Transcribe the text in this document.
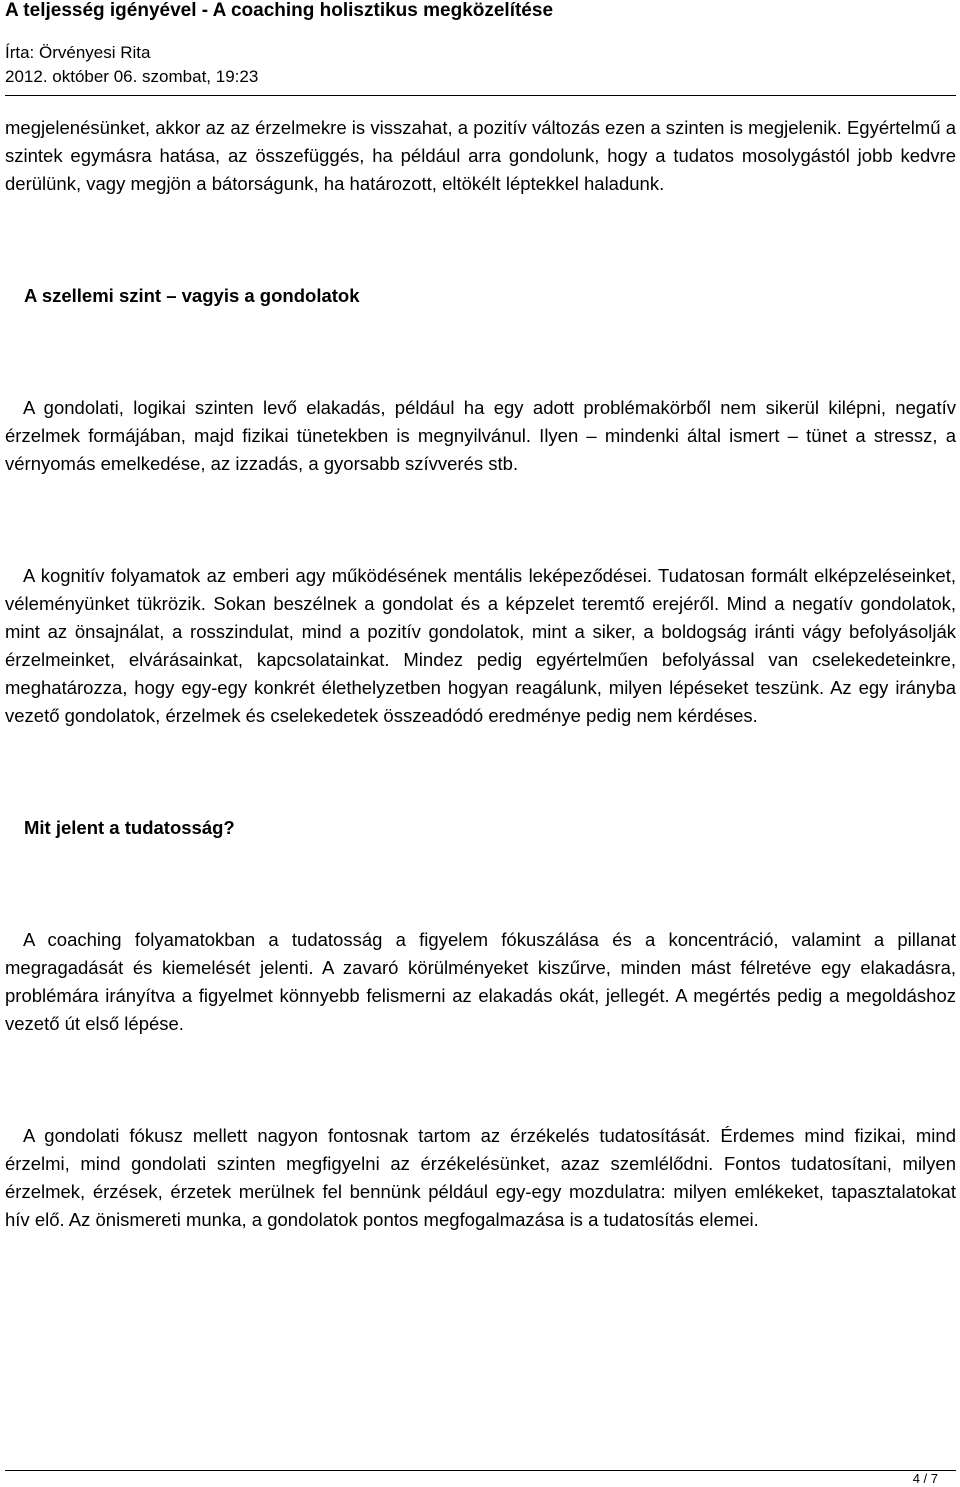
A teljesség igényével - A coaching holisztikus megközelítése
Írta: Örvényesi Rita
2012. október 06. szombat, 19:23

megjelenésünket, akkor az az érzelmekre is visszahat, a pozitív változás ezen a szinten is megjelenik. Egyértelmű a szintek egymásra hatása, az összefüggés, ha például arra gondolunk, hogy a tudatos mosolygástól jobb kedvre derülünk, vagy megjön a bátorságunk, ha határozott, eltökélt léptekkel haladunk.

A szellemi szint – vagyis a gondolatok

A gondolati, logikai szinten levő elakadás, például ha egy adott problémakörből nem sikerül kilépni, negatív érzelmek formájában, majd fizikai tünetekben is megnyilvánul. Ilyen – mindenki által ismert – tünet a stressz, a vérnyomás emelkedése, az izzadás, a gyorsabb szívverés stb.

A kognitív folyamatok az emberi agy működésének mentális leképeződései. Tudatosan formált elképzeléseinket, véleményünket tükrözik. Sokan beszélnek a gondolat és a képzelet teremtő erejéről. Mind a negatív gondolatok, mint az önsajnálat, a rosszindulat, mind a pozitív gondolatok, mint a siker, a boldogság iránti vágy befolyásolják érzelmeinket, elvárásainkat, kapcsolatainkat. Mindez pedig egyértelműen befolyással van cselekedeteinkre, meghatározza, hogy egy-egy konkrét élethelyzetben hogyan reagálunk, milyen lépéseket teszünk. Az egy irányba vezető gondolatok, érzelmek és cselekedetek összeadódó eredménye pedig nem kérdéses.

Mit jelent a tudatosság?

A coaching folyamatokban a tudatosság a figyelem fókuszálása és a koncentráció, valamint a pillanat megragadását és kiemelését jelenti. A zavaró körülményeket kiszűrve, minden mást félretéve egy elakadásra, problémára irányítva a figyelmet könnyebb felismerni az elakadás okát, jellegét. A megértés pedig a megoldáshoz vezető út első lépése.

A gondolati fókusz mellett nagyon fontosnak tartom az érzékelés tudatosítását. Érdemes mind fizikai, mind érzelmi, mind gondolati szinten megfigyelni az érzékelésünket, azaz szemlélődni. Fontos tudatosítani, milyen érzelmek, érzések, érzetek merülnek fel bennünk például egy-egy mozdulatra: milyen emlékeket, tapasztalatokat hív elő. Az önismereti munka, a gondolatok pontos megfogalmazása is a tudatosítás elemei.

4 / 7
